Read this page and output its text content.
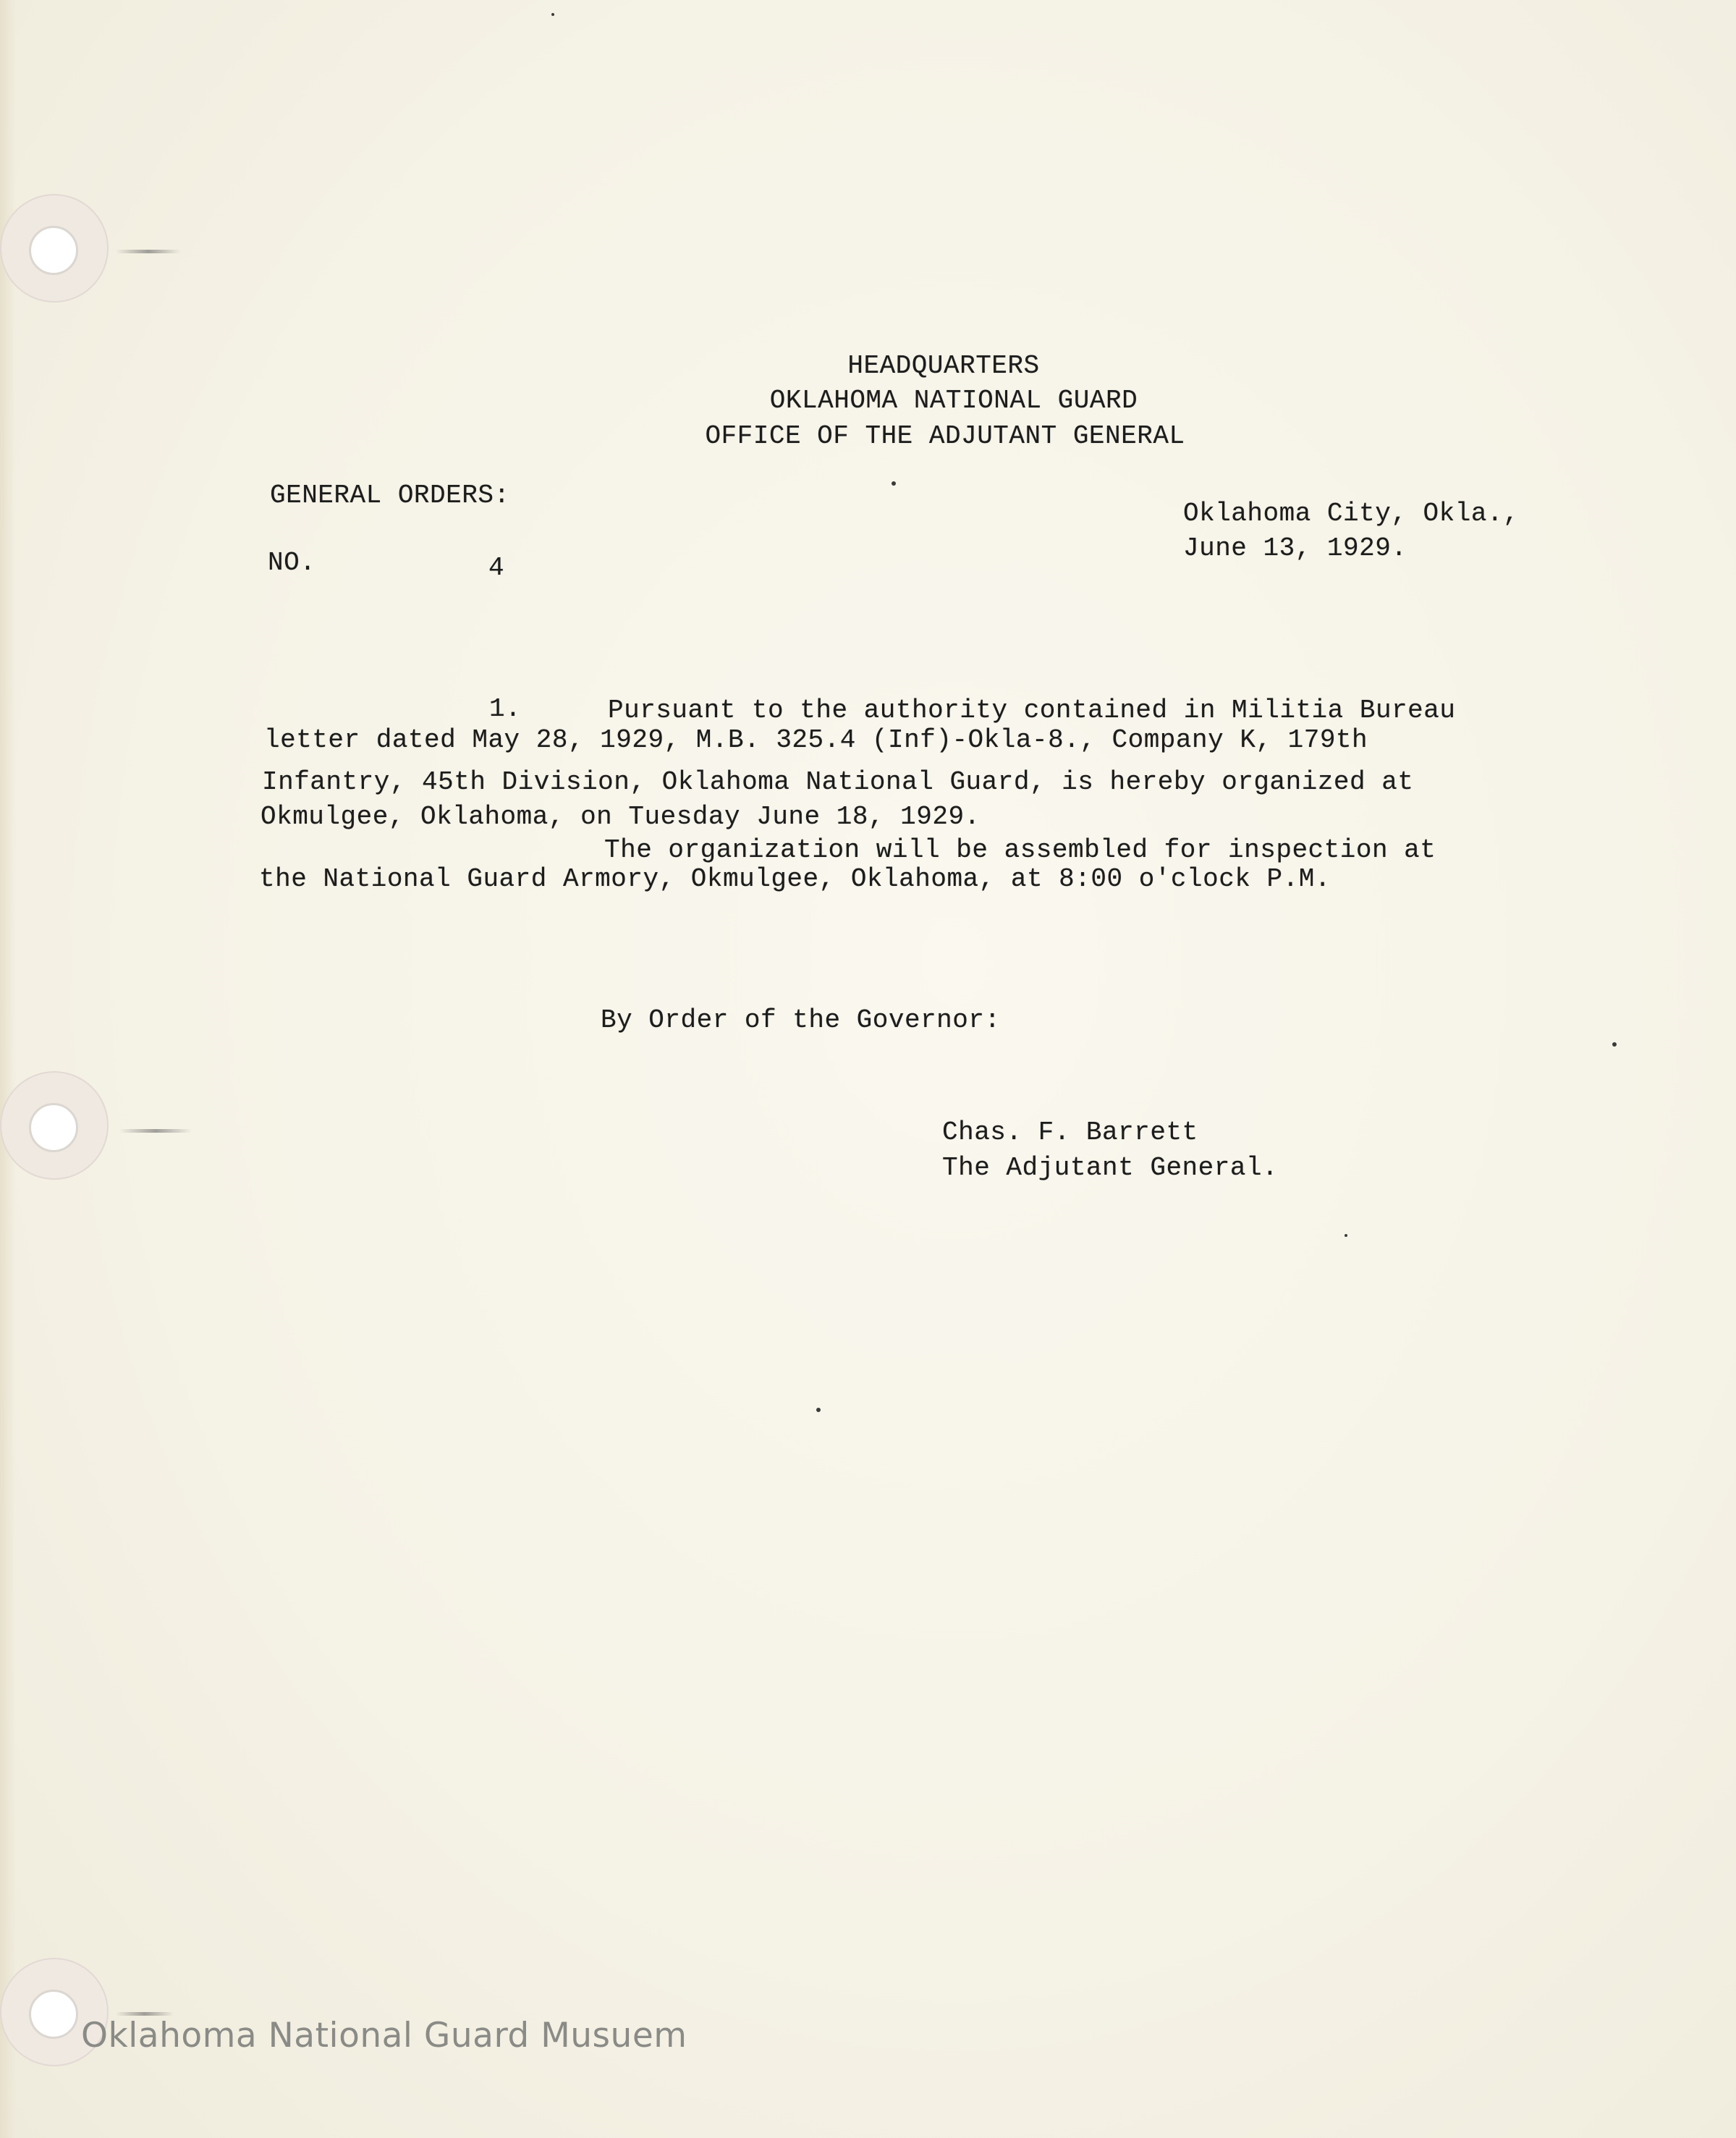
HEADQUARTERS
OKLAHOMA NATIONAL GUARD
OFFICE OF THE ADJUTANT GENERAL
GENERAL ORDERS:
NO.	4
Oklahoma City, Okla.,
June 13, 1929.
1.	Pursuant to the authority contained in Militia Bureau
letter dated May 28, 1929, M.B. 325.4 (Inf)-Okla-8., Company K, 179th
Infantry, 45th Division, Oklahoma National Guard, is hereby organized at
Okmulgee, Oklahoma, on Tuesday June 18, 1929.
The organization will be assembled for inspection at
the National Guard Armory, Okmulgee, Oklahoma, at 8:00 o'clock P.M.
By Order of the Governor:
Chas. F. Barrett
The Adjutant General.
Oklahoma National Guard Musuem
